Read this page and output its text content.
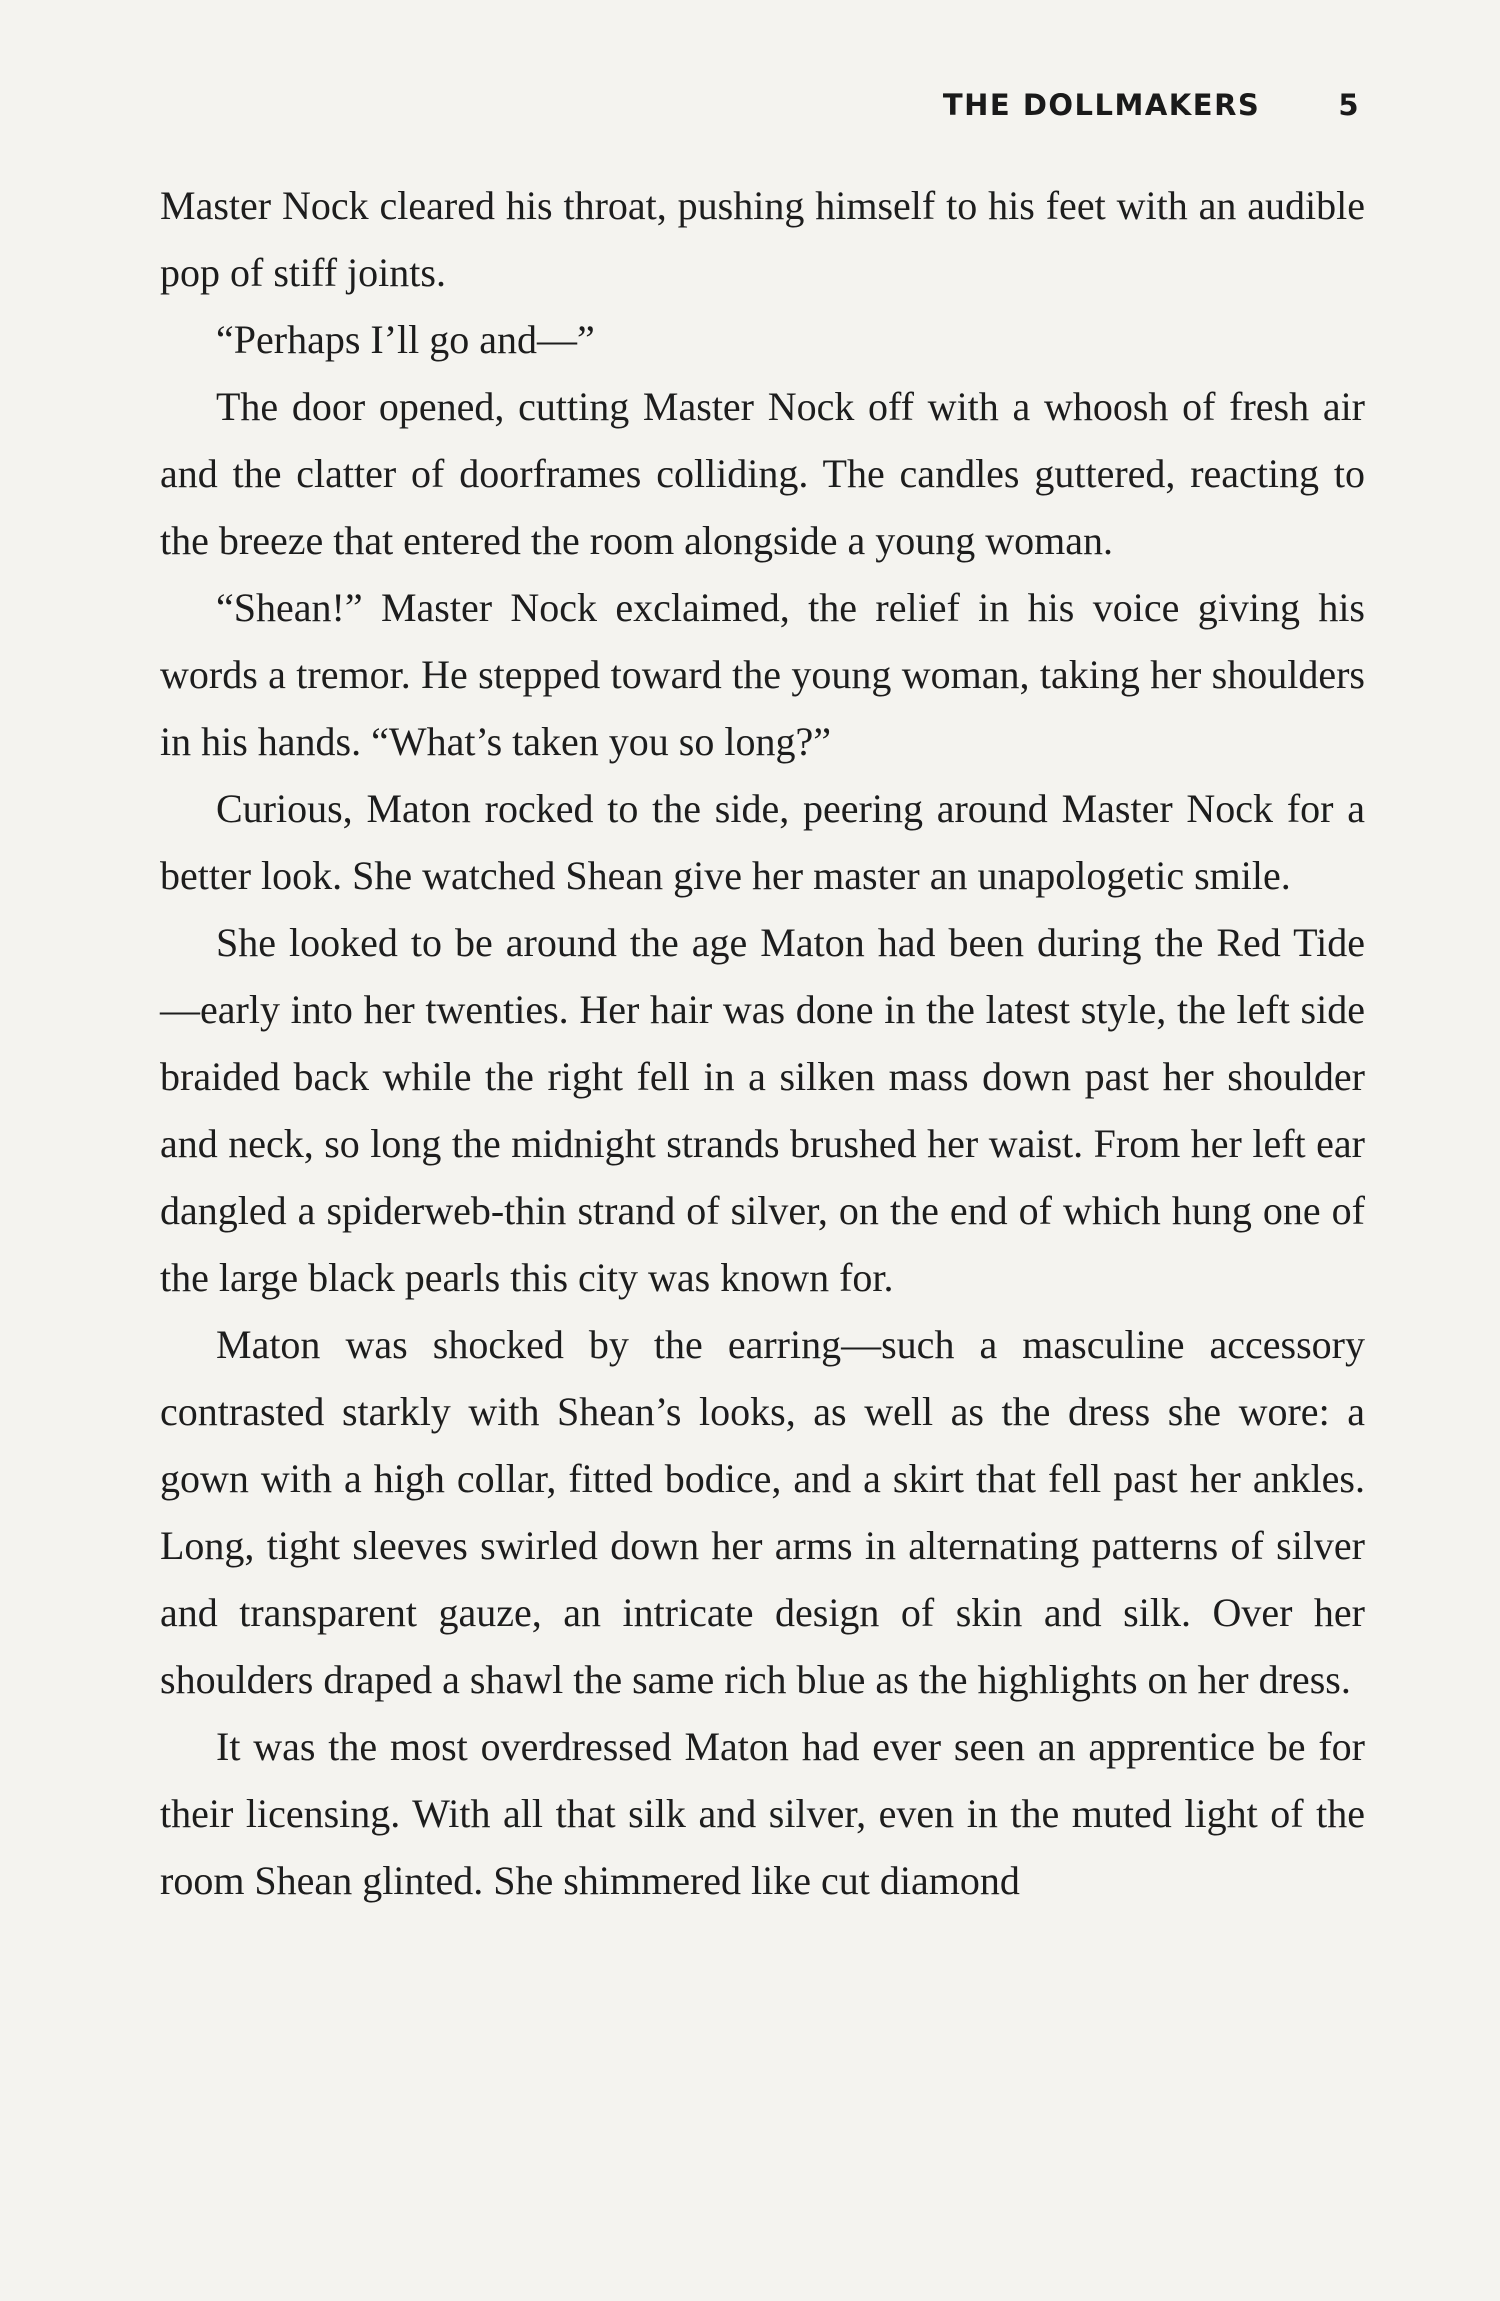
THE DOLLMAKERS	5

Master Nock cleared his throat, pushing himself to his feet with an audible pop of stiff joints.

“Perhaps I’ll go and—”

The door opened, cutting Master Nock off with a whoosh of fresh air and the clatter of doorframes colliding. The candles guttered, reacting to the breeze that entered the room alongside a young woman.

“Shean!” Master Nock exclaimed, the relief in his voice giving his words a tremor. He stepped toward the young woman, taking her shoulders in his hands. “What’s taken you so long?”

Curious, Maton rocked to the side, peering around Master Nock for a better look. She watched Shean give her master an unapologetic smile.

She looked to be around the age Maton had been during the Red Tide—early into her twenties. Her hair was done in the latest style, the left side braided back while the right fell in a silken mass down past her shoulder and neck, so long the midnight strands brushed her waist. From her left ear dangled a spiderweb-thin strand of silver, on the end of which hung one of the large black pearls this city was known for.

Maton was shocked by the earring—such a masculine accessory contrasted starkly with Shean’s looks, as well as the dress she wore: a gown with a high collar, fitted bodice, and a skirt that fell past her ankles. Long, tight sleeves swirled down her arms in alternating patterns of silver and transparent gauze, an intricate design of skin and silk. Over her shoulders draped a shawl the same rich blue as the highlights on her dress.

It was the most overdressed Maton had ever seen an apprentice be for their licensing. With all that silk and silver, even in the muted light of the room Shean glinted. She shimmered like cut diamond
